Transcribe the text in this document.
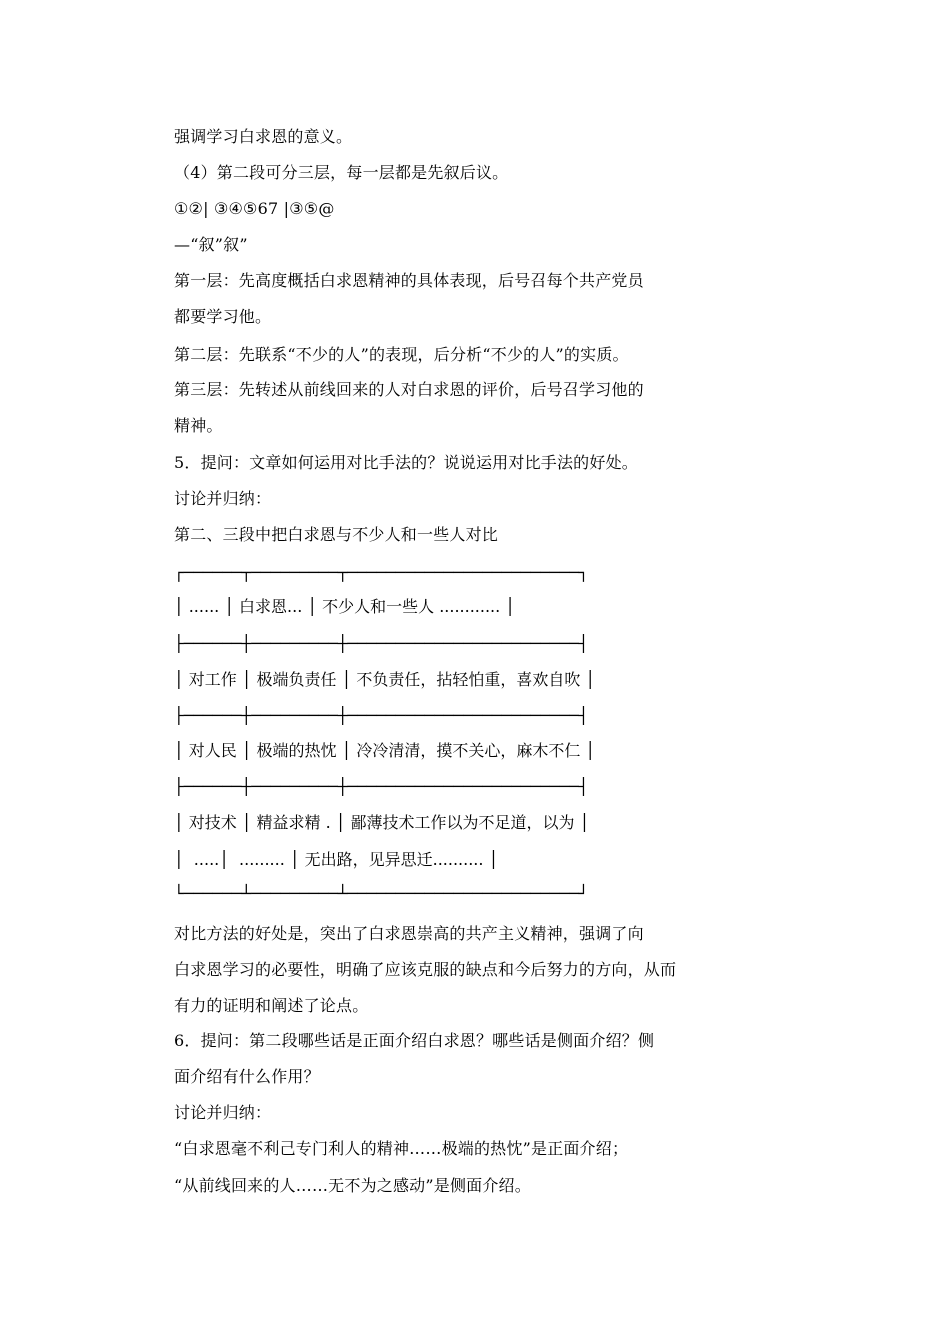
强调学习白求恩的意义。
（4）第二段可分三层，每一层都是先叙后议。
①②| ③④⑤67 |③⑤@
—“叙”叙”
第一层：先高度概括白求恩精神的具体表现，后号召每个共产党员
都要学习他。
第二层：先联系“不少的人”的表现，后分析“不少的人”的实质。
第三层：先转述从前线回来的人对白求恩的评价，后号召学习他的
精神。
5．提问：文章如何运用对比手法的？说说运用对比手法的好处。
讨论并归纳：
第二、三段中把白求恩与不少人和一些人对比
┌──────┬─────────┬────────────────────────┐
│ ...... │ 白求恩... │ 不少人和一些人 ............ │
├──────┼─────────┼────────────────────────┤
│ 对工作 │ 极端负责任 │ 不负责任，拈轻怕重，喜欢自吹 │
├──────┼─────────┼────────────────────────┤
│ 对人民 │ 极端的热忱 │ 冷冷清清，摸不关心，麻木不仁 │
├──────┼─────────┼────────────────────────┤
│ 对技术 │ 精益求精 . │ 鄙薄技术工作以为不足道，以为 │
│  .....│  ......... │ 无出路，见异思迁.......... │
└──────┴─────────┴────────────────────────┘
对比方法的好处是，突出了白求恩崇高的共产主义精神，强调了向
白求恩学习的必要性，明确了应该克服的缺点和今后努力的方向，从而
有力的证明和阐述了论点。
6．提问：第二段哪些话是正面介绍白求恩？哪些话是侧面介绍？侧
面介绍有什么作用？
讨论并归纳：
“白求恩毫不利己专门利人的精神……极端的热忱”是正面介绍；
“从前线回来的人……无不为之感动”是侧面介绍。
